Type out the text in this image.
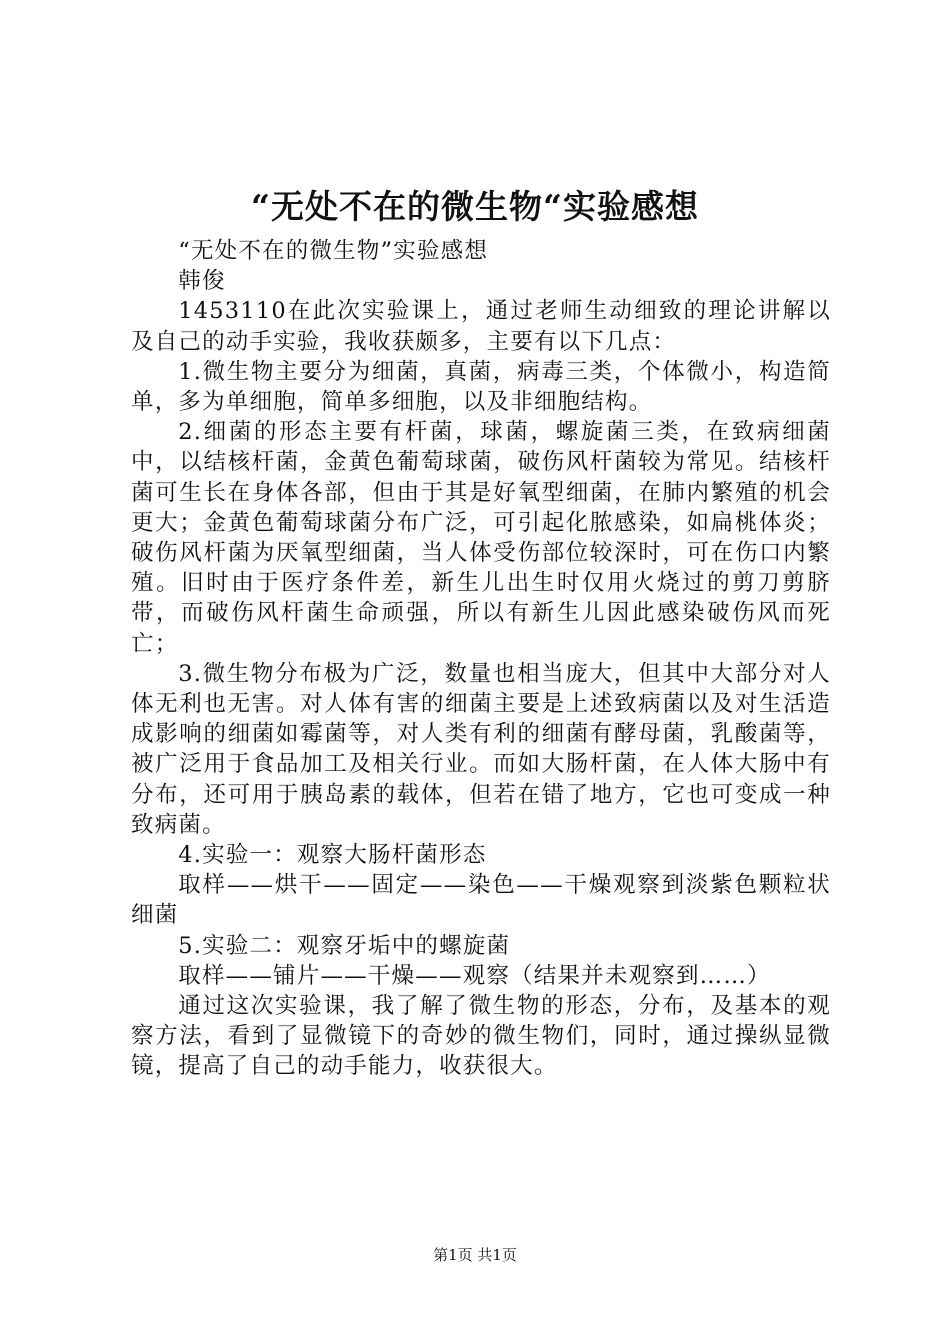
“无处不在的微生物“实验感想

“无处不在的微生物”实验感想

韩俊

1453110在此次实验课上，通过老师生动细致的理论讲解以及自己的动手实验，我收获颇多，主要有以下几点：

1.微生物主要分为细菌，真菌，病毒三类，个体微小，构造简单，多为单细胞，简单多细胞，以及非细胞结构。

2.细菌的形态主要有杆菌，球菌，螺旋菌三类，在致病细菌中，以结核杆菌，金黄色葡萄球菌，破伤风杆菌较为常见。结核杆菌可生长在身体各部，但由于其是好氧型细菌，在肺内繁殖的机会更大；金黄色葡萄球菌分布广泛，可引起化脓感染，如扁桃体炎；破伤风杆菌为厌氧型细菌，当人体受伤部位较深时，可在伤口内繁殖。旧时由于医疗条件差，新生儿出生时仅用火烧过的剪刀剪脐带，而破伤风杆菌生命顽强，所以有新生儿因此感染破伤风而死亡；

3.微生物分布极为广泛，数量也相当庞大，但其中大部分对人体无利也无害。对人体有害的细菌主要是上述致病菌以及对生活造成影响的细菌如霉菌等，对人类有利的细菌有酵母菌，乳酸菌等，被广泛用于食品加工及相关行业。而如大肠杆菌，在人体大肠中有分布，还可用于胰岛素的载体，但若在错了地方，它也可变成一种致病菌。

4.实验一：观察大肠杆菌形态

取样——烘干——固定——染色——干燥观察到淡紫色颗粒状细菌

5.实验二：观察牙垢中的螺旋菌

取样——铺片——干燥——观察（结果并未观察到……）

通过这次实验课，我了解了微生物的形态，分布，及基本的观察方法，看到了显微镜下的奇妙的微生物们，同时，通过操纵显微镜，提高了自己的动手能力，收获很大。

第1页 共1页
